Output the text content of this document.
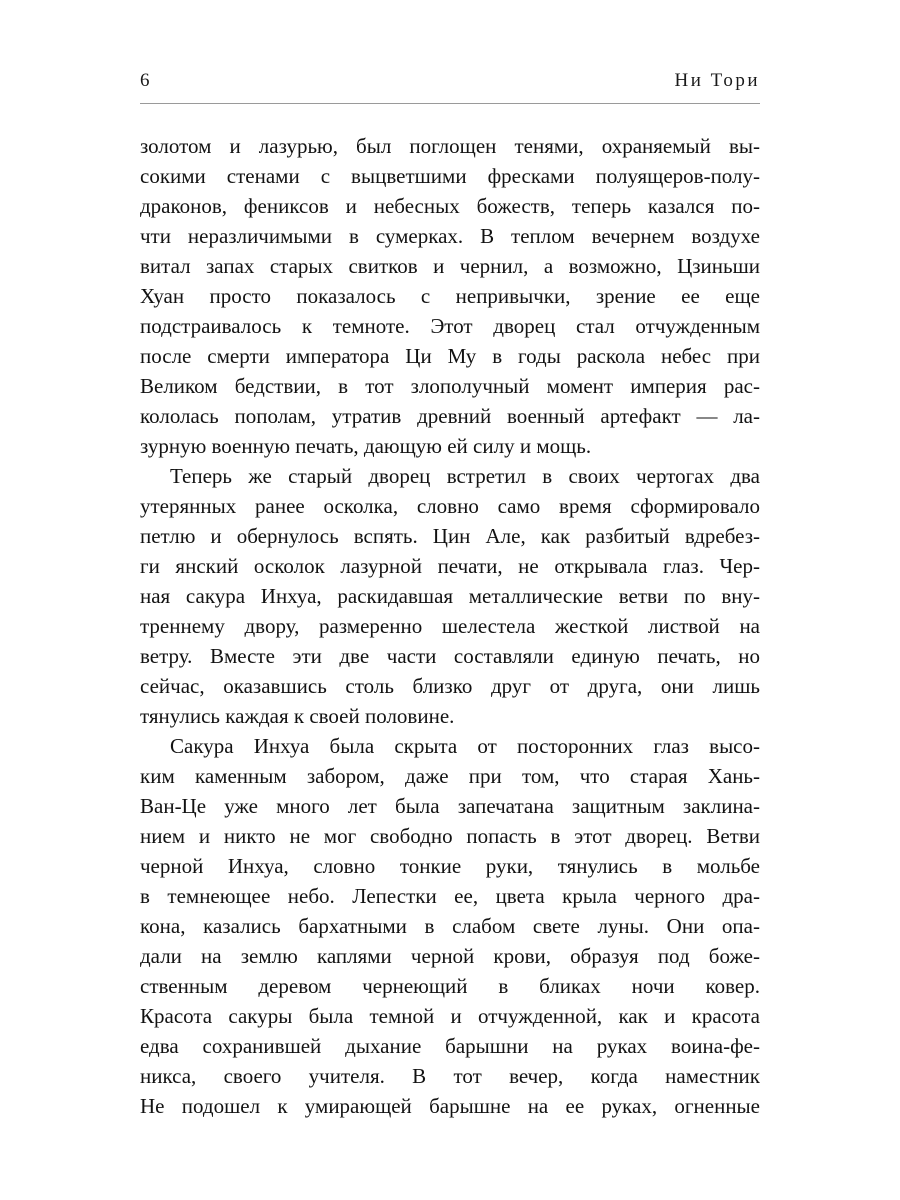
6	Ни Тори
золотом и лазурью, был поглощен тенями, охраняемый вы-
сокими стенами с выцветшими фресками полуящеров-полу-
драконов, фениксов и небесных божеств, теперь казался по-
чти неразличимыми в сумерках. В теплом вечернем воздухе
витал запах старых свитков и чернил, а возможно, Цзиньши
Хуан просто показалось с непривычки, зрение ее еще
подстраивалось к темноте. Этот дворец стал отчужденным
после смерти императора Ци Му в годы раскола небес при
Великом бедствии, в тот злополучный момент империя рас-
кололась пополам, утратив древний военный артефакт — ла-
зурную военную печать, дающую ей силу и мощь.
Теперь же старый дворец встретил в своих чертогах два
утерянных ранее осколка, словно само время сформировало
петлю и обернулось вспять. Цин Але, как разбитый вдребез-
ги янский осколок лазурной печати, не открывала глаз. Чер-
ная сакура Инхуа, раскидавшая металлические ветви по вну-
треннему двору, размеренно шелестела жесткой листвой на
ветру. Вместе эти две части составляли единую печать, но
сейчас, оказавшись столь близко друг от друга, они лишь
тянулись каждая к своей половине.
Сакура Инхуа была скрыта от посторонних глаз высо-
ким каменным забором, даже при том, что старая Хань-
Ван-Це уже много лет была запечатана защитным заклина-
нием и никто не мог свободно попасть в этот дворец. Ветви
черной Инхуа, словно тонкие руки, тянулись в мольбе
в темнеющее небо. Лепестки ее, цвета крыла черного дра-
кона, казались бархатными в слабом свете луны. Они опа-
дали на землю каплями черной крови, образуя под боже-
ственным деревом чернеющий в бликах ночи ковер.
Красота сакуры была темной и отчужденной, как и красота
едва сохранившей дыхание барышни на руках воина-фе-
никса, своего учителя. В тот вечер, когда наместник
Не подошел к умирающей барышне на ее руках, огненные
